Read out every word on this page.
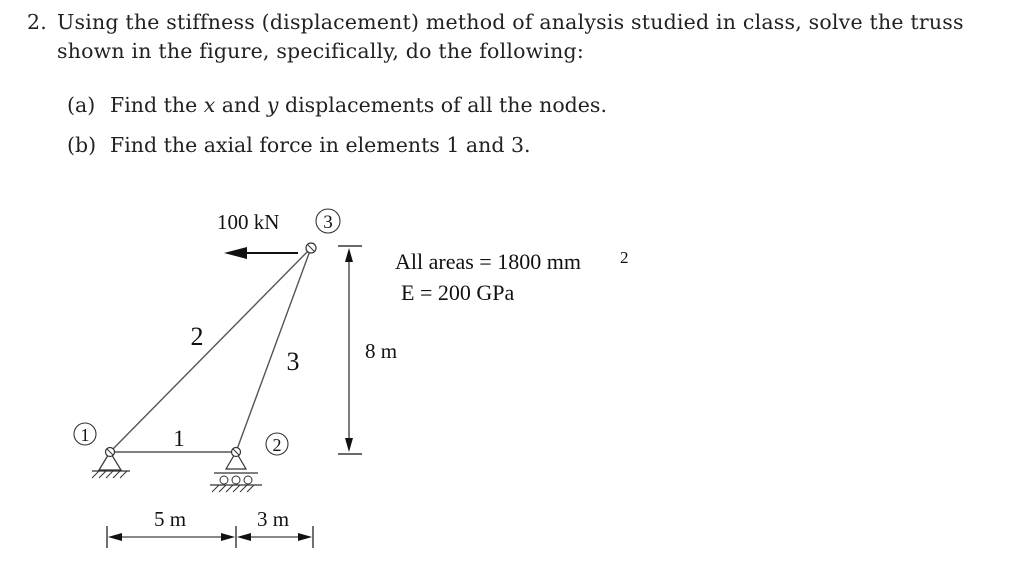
2. Using the stiffness (displacement) method of analysis studied in class, solve the truss
shown in the figure, specifically, do the following:
(a) Find the x and y displacements of all the nodes.
(b) Find the axial force in elements 1 and 3.
100 kN
1	2
3
1
2
3	8 m
5 m	3 m
All areas = 1800 mm 2
E = 200 GPa
